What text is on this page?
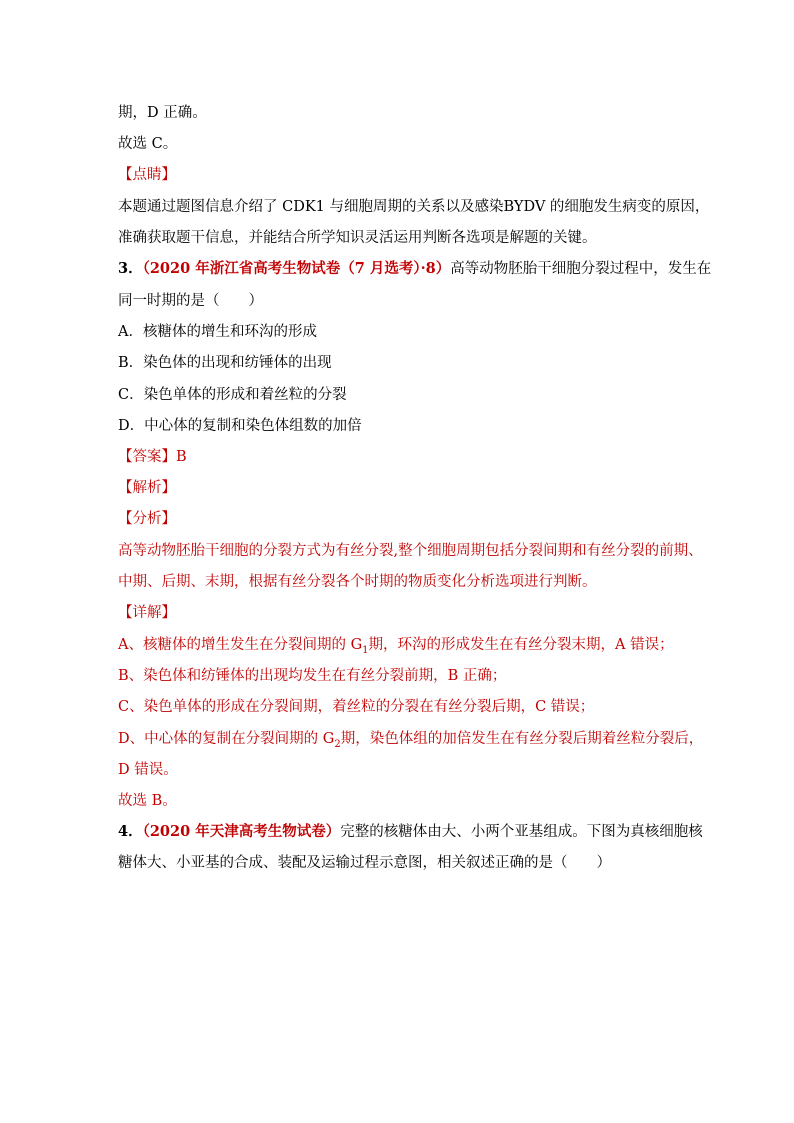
期，D 正确。
故选 C。
【点睛】
本题通过题图信息介绍了 CDK1 与细胞周期的关系以及感染BYDV 的细胞发生病变的原因，
准确获取题干信息，并能结合所学知识灵活运用判断各选项是解题的关键。
3．（2020 年浙江省高考生物试卷（7 月选考）·8）高等动物胚胎干细胞分裂过程中，发生在
同一时期的是（　　）
A．核糖体的增生和环沟的形成
B．染色体的出现和纺锤体的出现
C．染色单体的形成和着丝粒的分裂
D．中心体的复制和染色体组数的加倍
【答案】B
【解析】
【分析】
高等动物胚胎干细胞的分裂方式为有丝分裂,整个细胞周期包括分裂间期和有丝分裂的前期、
中期、后期、末期，根据有丝分裂各个时期的物质变化分析选项进行判断。
【详解】
A、核糖体的增生发生在分裂间期的 $G_1$期，环沟的形成发生在有丝分裂末期，A 错误；
B、染色体和纺锤体的出现均发生在有丝分裂前期，B 正确；
C、染色单体的形成在分裂间期，着丝粒的分裂在有丝分裂后期，C 错误；
D、中心体的复制在分裂间期的 $G_2$期，染色体组的加倍发生在有丝分裂后期着丝粒分裂后，
D 错误。
故选 B。
4．（2020 年天津高考生物试卷）完整的核糖体由大、小两个亚基组成。下图为真核细胞核
糖体大、小亚基的合成、装配及运输过程示意图，相关叙述正确的是（　　）
